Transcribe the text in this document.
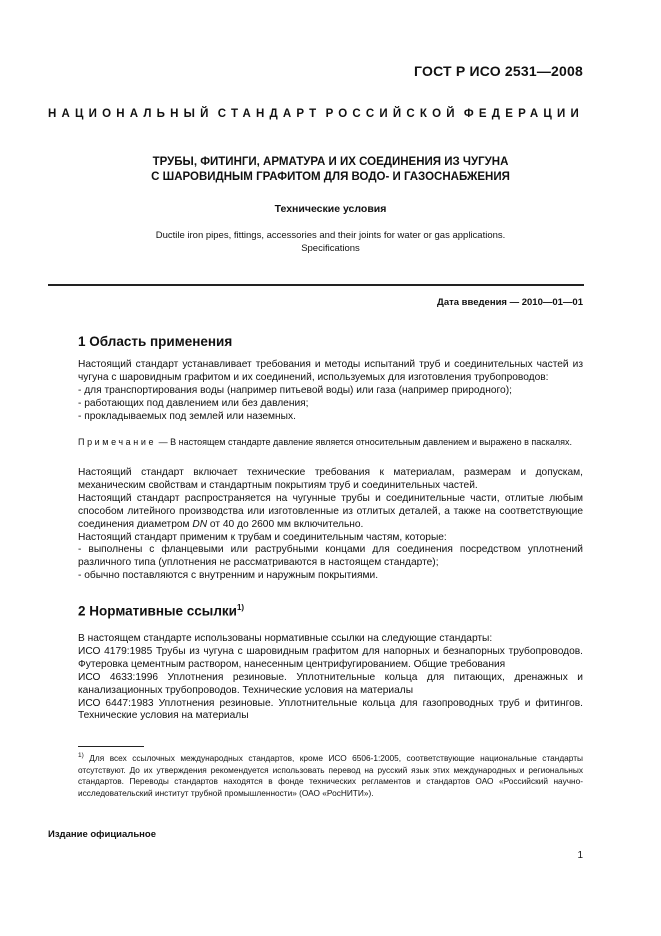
ГОСТ Р ИСО 2531—2008
НАЦИОНАЛЬНЫЙ СТАНДАРТ РОССИЙСКОЙ ФЕДЕРАЦИИ
ТРУБЫ, ФИТИНГИ, АРМАТУРА И ИХ СОЕДИНЕНИЯ ИЗ ЧУГУНА
С ШАРОВИДНЫМ ГРАФИТОМ ДЛЯ ВОДО- И ГАЗОСНАБЖЕНИЯ
Технические условия
Ductile iron pipes, fittings, accessories and their joints for water or gas applications.
Specifications
Дата введения — 2010—01—01
1 Область применения

Настоящий стандарт устанавливает требования и методы испытаний труб и соединительных частей из чугуна с шаровидным графитом и их соединений, используемых для изготовления трубопроводов:

- для транспортирования воды (например питьевой воды) или газа (например природного);

- работающих под давлением или без давления;

- прокладываемых под землей или наземных.

Примечание — В настоящем стандарте давление является относительным давлением и выражено в паскалях.

Настоящий стандарт включает технические требования к материалам, размерам и допускам, механическим свойствам и стандартным покрытиям труб и соединительных частей.

Настоящий стандарт распространяется на чугунные трубы и соединительные части, отлитые любым способом литейного производства или изготовленные из отлитых деталей, а также на соответствующие соединения диаметром DN от 40 до 2600 мм включительно.

Настоящий стандарт применим к трубам и соединительным частям, которые:

- выполнены с фланцевыми или раструбными концами для соединения посредством уплотнений различного типа (уплотнения не рассматриваются в настоящем стандарте);

- обычно поставляются с внутренним и наружным покрытиями.

2 Нормативные ссылки$^{1)}$

В настоящем стандарте использованы нормативные ссылки на следующие стандарты:

ИСО 4179:1985 Трубы из чугуна с шаровидным графитом для напорных и безнапорных трубопроводов. Футеровка цементным раствором, нанесенным центрифугированием. Общие требования

ИСО 4633:1996 Уплотнения резиновые. Уплотнительные кольца для питающих, дренажных и канализационных трубопроводов. Технические условия на материалы

ИСО 6447:1983 Уплотнения резиновые. Уплотнительные кольца для газопроводных труб и фитингов. Технические условия на материалы

$^{1)}$ Для всех ссылочных международных стандартов, кроме ИСО 6506-1:2005, соответствующие национальные стандарты отсутствуют. До их утверждения рекомендуется использовать перевод на русский язык этих международных и региональных стандартов. Переводы стандартов находятся в фонде технических регламентов и стандартов ОАО «Российский научно-исследовательский институт трубной промышленности» (ОАО «РосНИТИ»).
Издание официальное
1
